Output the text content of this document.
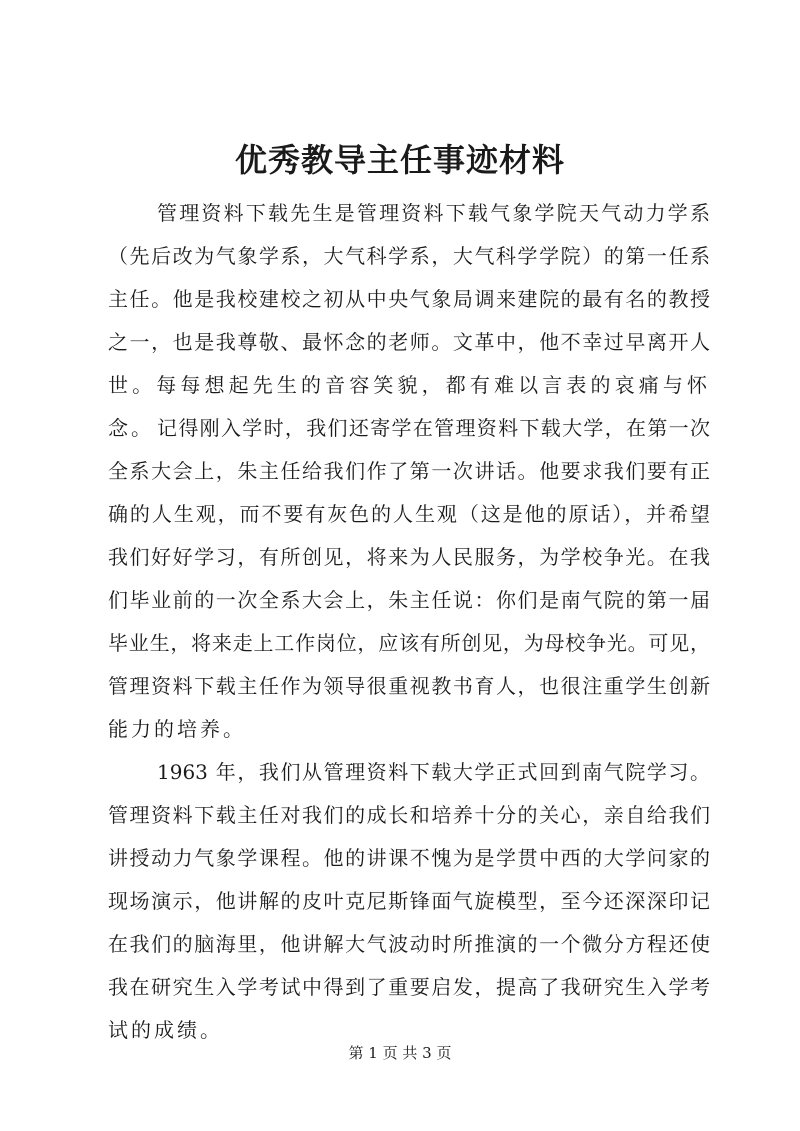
优秀教导主任事迹材料
管理资料下载先生是管理资料下载气象学院天气动力学系
（先后改为气象学系，大气科学系，大气科学学院）的第一任系
主任。他是我校建校之初从中央气象局调来建院的最有名的教授
之一，也是我尊敬、最怀念的老师。文革中，他不幸过早离开人
世。每每想起先生的音容笑貌，都有难以言表的哀痛与怀念。 记得刚入学时，我们还寄学在管理资料下载大学，在第一次
全系大会上，朱主任给我们作了第一次讲话。他要求我们要有正
确的人生观，而不要有灰色的人生观（这是他的原话），并希望
我们好好学习，有所创见，将来为人民服务，为学校争光。在我
们毕业前的一次全系大会上，朱主任说：你们是南气院的第一届
毕业生，将来走上工作岗位，应该有所创见，为母校争光。可见，
管理资料下载主任作为领导很重视教书育人，也很注重学生创新
能力的培养。
1963 年，我们从管理资料下载大学正式回到南气院学习。
管理资料下载主任对我们的成长和培养十分的关心，亲自给我们
讲授动力气象学课程。他的讲课不愧为是学贯中西的大学问家的
现场演示，他讲解的皮叶克尼斯锋面气旋模型，至今还深深印记
在我们的脑海里，他讲解大气波动时所推演的一个微分方程还使
我在研究生入学考试中得到了重要启发，提高了我研究生入学考
试的成绩。
第 1 页 共 3 页
